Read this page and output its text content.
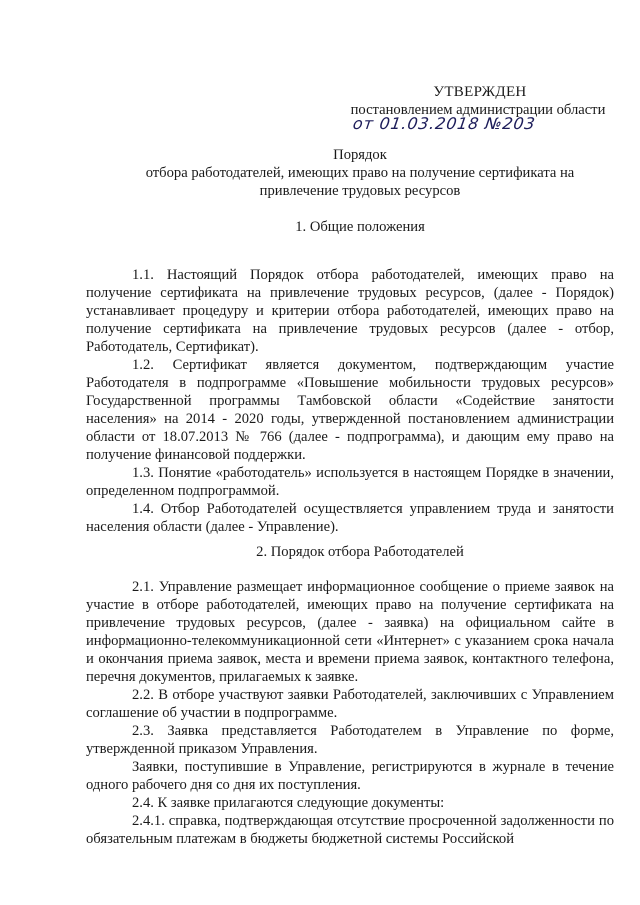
УТВЕРЖДЕН
постановлением администрации области
от 01.03.2018 №203
Порядок
отбора работодателей, имеющих право на получение сертификата на
привлечение трудовых ресурсов
1. Общие положения

1.1. Настоящий Порядок отбора работодателей, имеющих право на получение сертификата на привлечение трудовых ресурсов, (далее - Порядок) устанавливает процедуру и критерии отбора работодателей, имеющих право на получение сертификата на привлечение трудовых ресурсов (далее - отбор, Работодатель, Сертификат).

1.2. Сертификат является документом, подтверждающим участие Работодателя в подпрограмме «Повышение мобильности трудовых ресурсов» Государственной программы Тамбовской области «Содействие занятости населения» на 2014 - 2020 годы, утвержденной постановлением администрации области от 18.07.2013 № 766 (далее - подпрограмма), и дающим ему право на получение финансовой поддержки.

1.3. Понятие «работодатель» используется в настоящем Порядке в значении, определенном подпрограммой.

1.4. Отбор Работодателей осуществляется управлением труда и занятости населения области (далее - Управление).

2. Порядок отбора Работодателей

2.1. Управление размещает информационное сообщение о приеме заявок на участие в отборе работодателей, имеющих право на получение сертификата на привлечение трудовых ресурсов, (далее - заявка) на официальном сайте в информационно-телекоммуникационной сети «Интернет» с указанием срока начала и окончания приема заявок, места и времени приема заявок, контактного телефона, перечня документов, прилагаемых к заявке.

2.2. В отборе участвуют заявки Работодателей, заключивших с Управлением соглашение об участии в подпрограмме.

2.3. Заявка представляется Работодателем в Управление по форме, утвержденной приказом Управления.

Заявки, поступившие в Управление, регистрируются в журнале в течение одного рабочего дня со дня их поступления.

2.4. К заявке прилагаются следующие документы:

2.4.1. справка, подтверждающая отсутствие просроченной задолженности по обязательным платежам в бюджеты бюджетной системы Российской
